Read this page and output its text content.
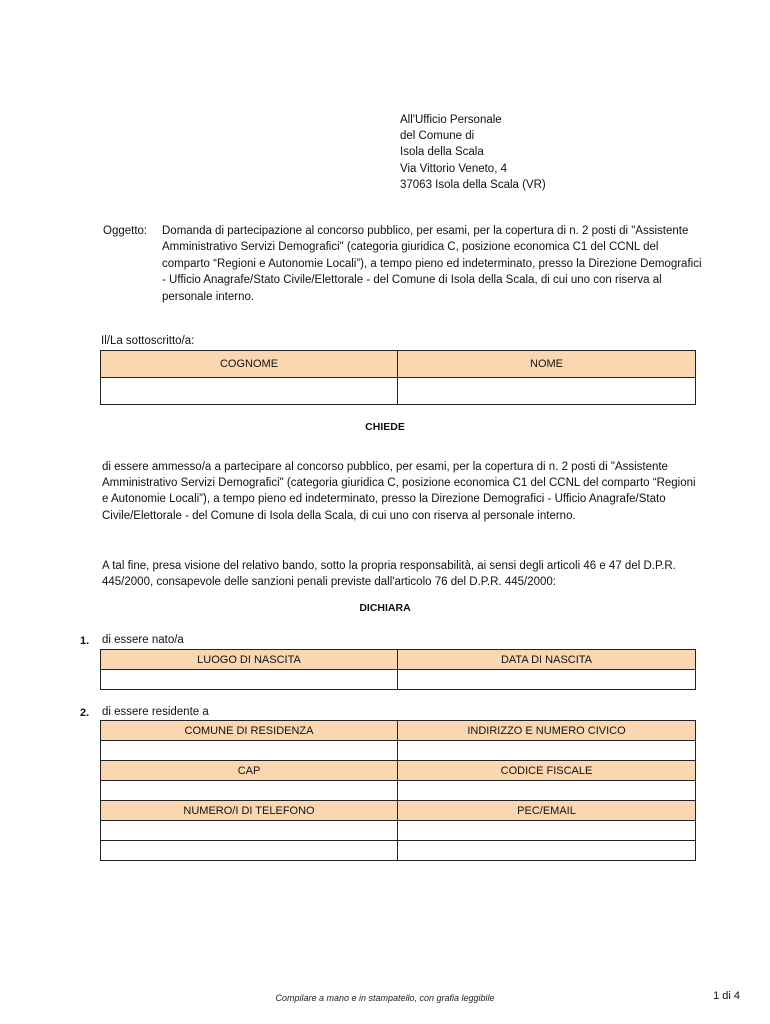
All'Ufficio Personale
del Comune di
Isola della Scala
Via Vittorio Veneto, 4
37063 Isola della Scala (VR)
Oggetto: Domanda di partecipazione al concorso pubblico, per esami, per la copertura di n. 2 posti di "Assistente Amministrativo Servizi Demografici" (categoria giuridica C, posizione economica C1 del CCNL del comparto “Regioni e Autonomie Locali”), a tempo pieno ed indeterminato, presso la Direzione Demografici - Ufficio Anagrafe/Stato Civile/Elettorale - del Comune di Isola della Scala, di cui uno con riserva al personale interno.
Il/La sottoscritto/a:
COGNOME	NOME

CHIEDE
di essere ammesso/a a partecipare al concorso pubblico, per esami, per la copertura di n. 2 posti di "Assistente Amministrativo Servizi Demografici" (categoria giuridica C, posizione economica C1 del CCNL del comparto “Regioni e Autonomie Locali”), a tempo pieno ed indeterminato, presso la Direzione Demografici - Ufficio Anagrafe/Stato Civile/Elettorale - del Comune di Isola della Scala, di cui uno con riserva al personale interno.
A tal fine, presa visione del relativo bando, sotto la propria responsabilità, ai sensi degli articoli 46 e 47 del D.P.R. 445/2000, consapevole delle sanzioni penali previste dall'articolo 76 del D.P.R. 445/2000:
DICHIARA
1. di essere nato/a
LUOGO DI NASCITA	DATA DI NASCITA

2. di essere residente a
COMUNE DI RESIDENZA	INDIRIZZO E NUMERO CIVICO

CAP	CODICE FISCALE

NUMERO/I DI TELEFONO	PEC/EMAIL

Compilare a mano e in stampatello, con grafia leggibile	1 di 4
